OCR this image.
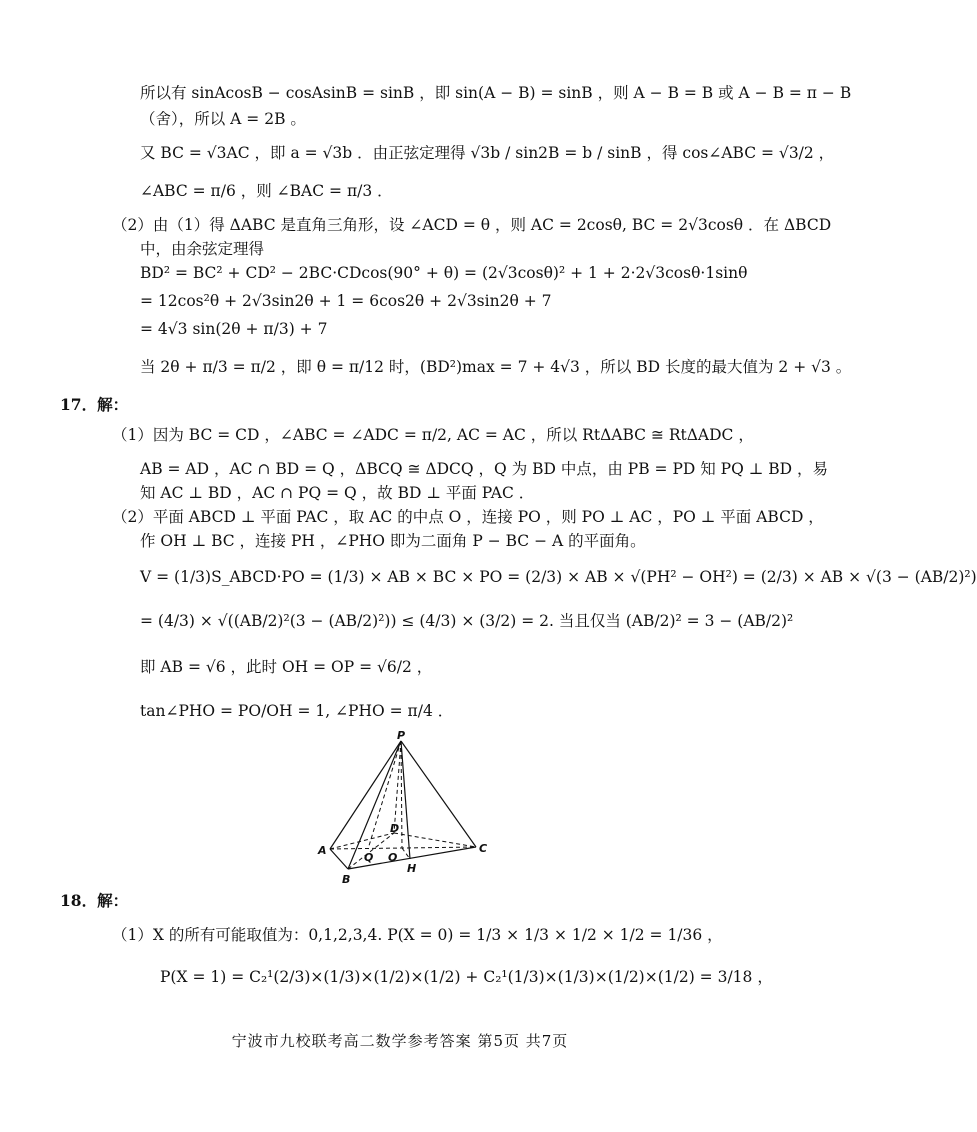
所以有 sinAcosB − cosAsinB = sinB ，即 sin(A − B) = sinB ，则 A − B = B 或 A − B = π − B
（舍），所以 A = 2B 。
又 BC = √3AC ，即 a = √3b ．由正弦定理得 √3b / sin2B = b / sinB ，得 cos∠ABC = √3/2 ，
∠ABC = π/6 ，则 ∠BAC = π/3 ．
（2）由（1）得 ΔABC 是直角三角形，设 ∠ACD = θ ，则 AC = 2cosθ, BC = 2√3cosθ ．在 ΔBCD
中，由余弦定理得
BD² = BC² + CD² − 2BC·CDcos(90° + θ) = (2√3cosθ)² + 1 + 2·2√3cosθ·1sinθ
= 12cos²θ + 2√3sin2θ + 1 = 6cos2θ + 2√3sin2θ + 7
= 4√3 sin(2θ + π/3) + 7
当 2θ + π/3 = π/2 ，即 θ = π/12 时，(BD²)max = 7 + 4√3 ，所以 BD 长度的最大值为 2 + √3 。
17．解：
（1）因为 BC = CD ，∠ABC = ∠ADC = π/2, AC = AC ，所以 RtΔABC ≅ RtΔADC ，
AB = AD ，AC ∩ BD = Q ，ΔBCQ ≅ ΔDCQ ，Q 为 BD 中点，由 PB = PD 知 PQ ⊥ BD ，易
知 AC ⊥ BD ，AC ∩ PQ = Q ，故 BD ⊥ 平面 PAC ．
（2）平面 ABCD ⊥ 平面 PAC ，取 AC 的中点 O ，连接 PO ，则 PO ⊥ AC ，PO ⊥ 平面 ABCD ，
作 OH ⊥ BC ，连接 PH ，∠PHO 即为二面角 P − BC − A 的平面角。
V = (1/3)S_ABCD·PO = (1/3) × AB × BC × PO = (2/3) × AB × √(PH² − OH²) = (2/3) × AB × √(3 − (AB/2)²)
= (4/3) × √((AB/2)²(3 − (AB/2)²)) ≤ (4/3) × (3/2) = 2. 当且仅当 (AB/2)² = 3 − (AB/2)²
即 AB = √6 ，此时 OH = OP = √6/2 ，
tan∠PHO = PO/OH = 1, ∠PHO = π/4 ．
18．解：
（1）X 的所有可能取值为：0,1,2,3,4. P(X = 0) = 1/3 × 1/3 × 1/2 × 1/2 = 1/36 ，
P(X = 1) = C₂¹(2/3)×(1/3)×(1/2)×(1/2) + C₂¹(1/3)×(1/3)×(1/2)×(1/2) = 3/18 ，
P
A
B
C
D
Q O
H
宁波市九校联考高二数学参考答案 第5页 共7页
